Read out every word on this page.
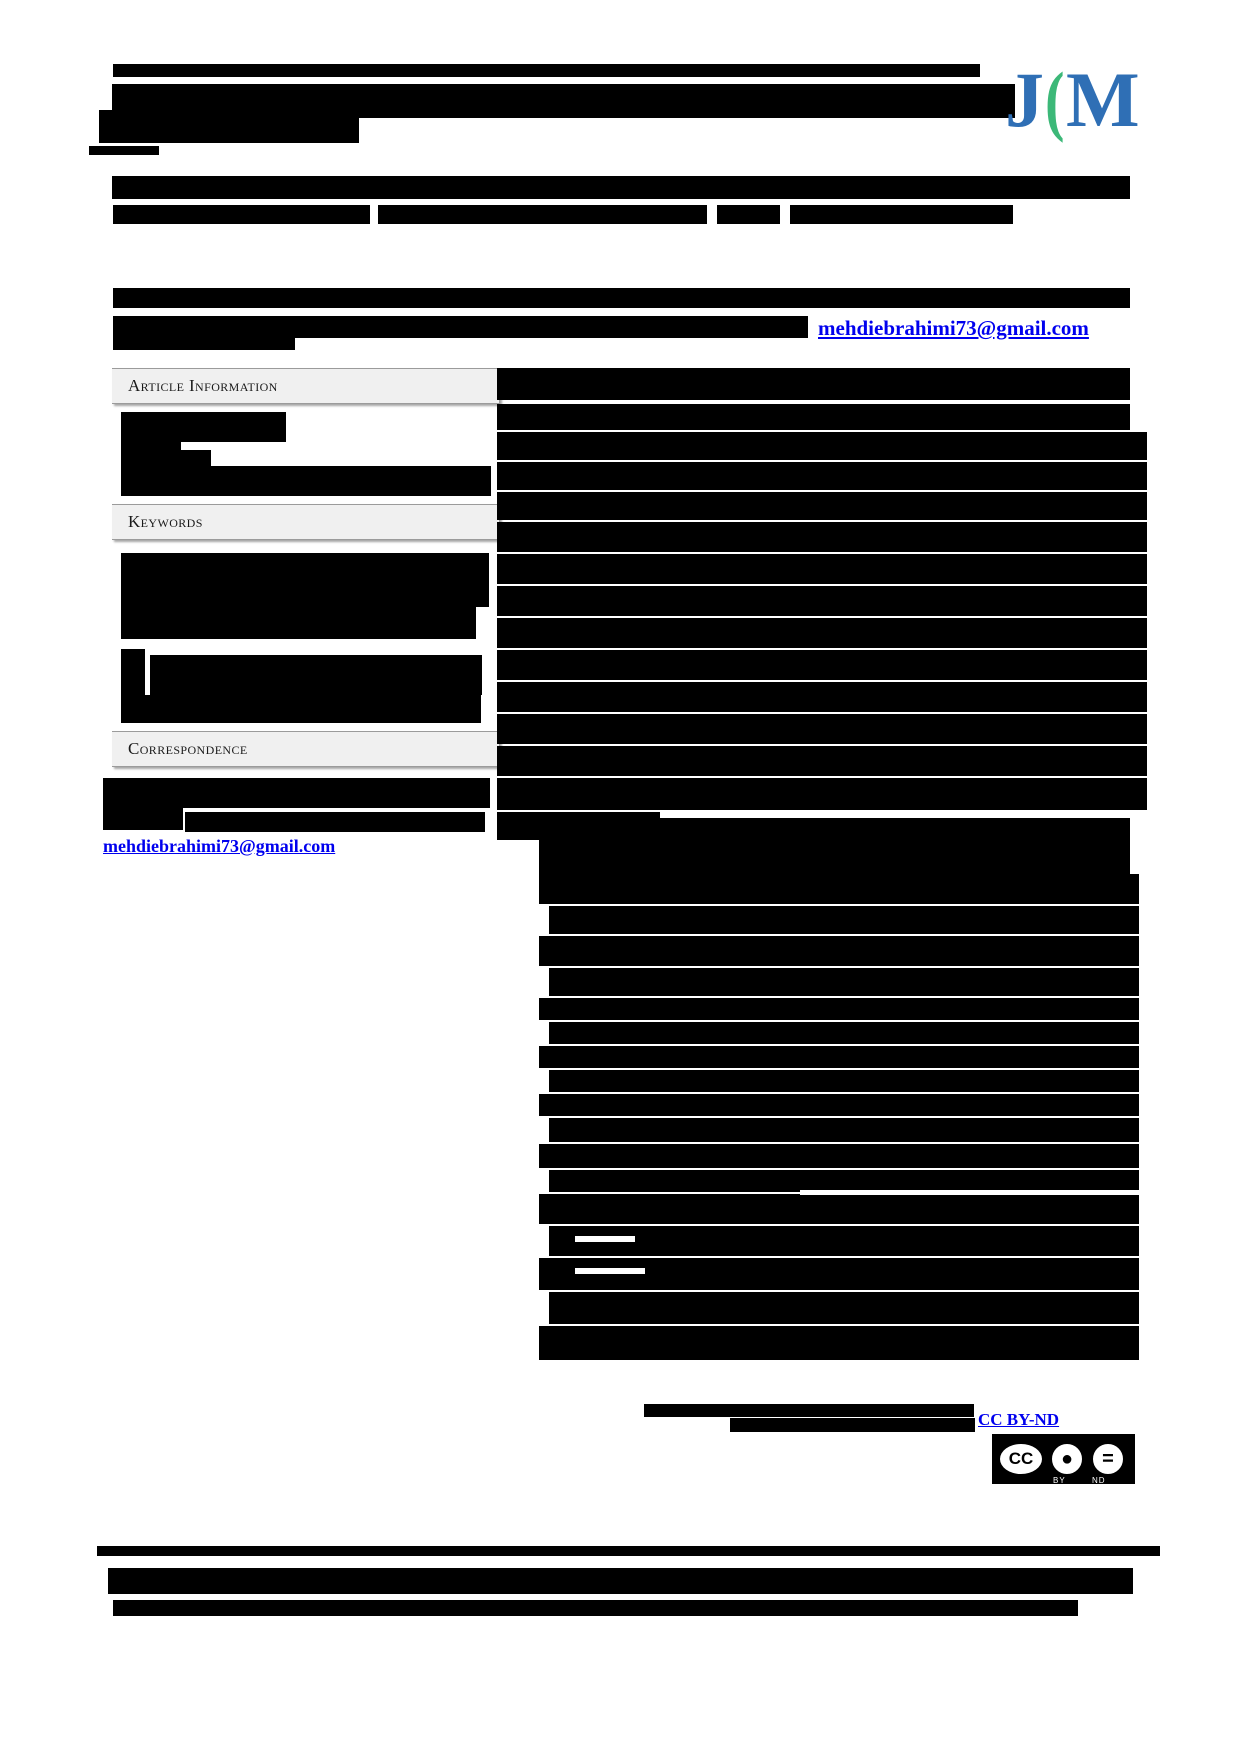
J(M
mehdiebrahimi73@gmail.com
Article Information
Keywords
Correspondence
mehdiebrahimi73@gmail.com
CC BY-ND
CC	●	=
BY	ND
